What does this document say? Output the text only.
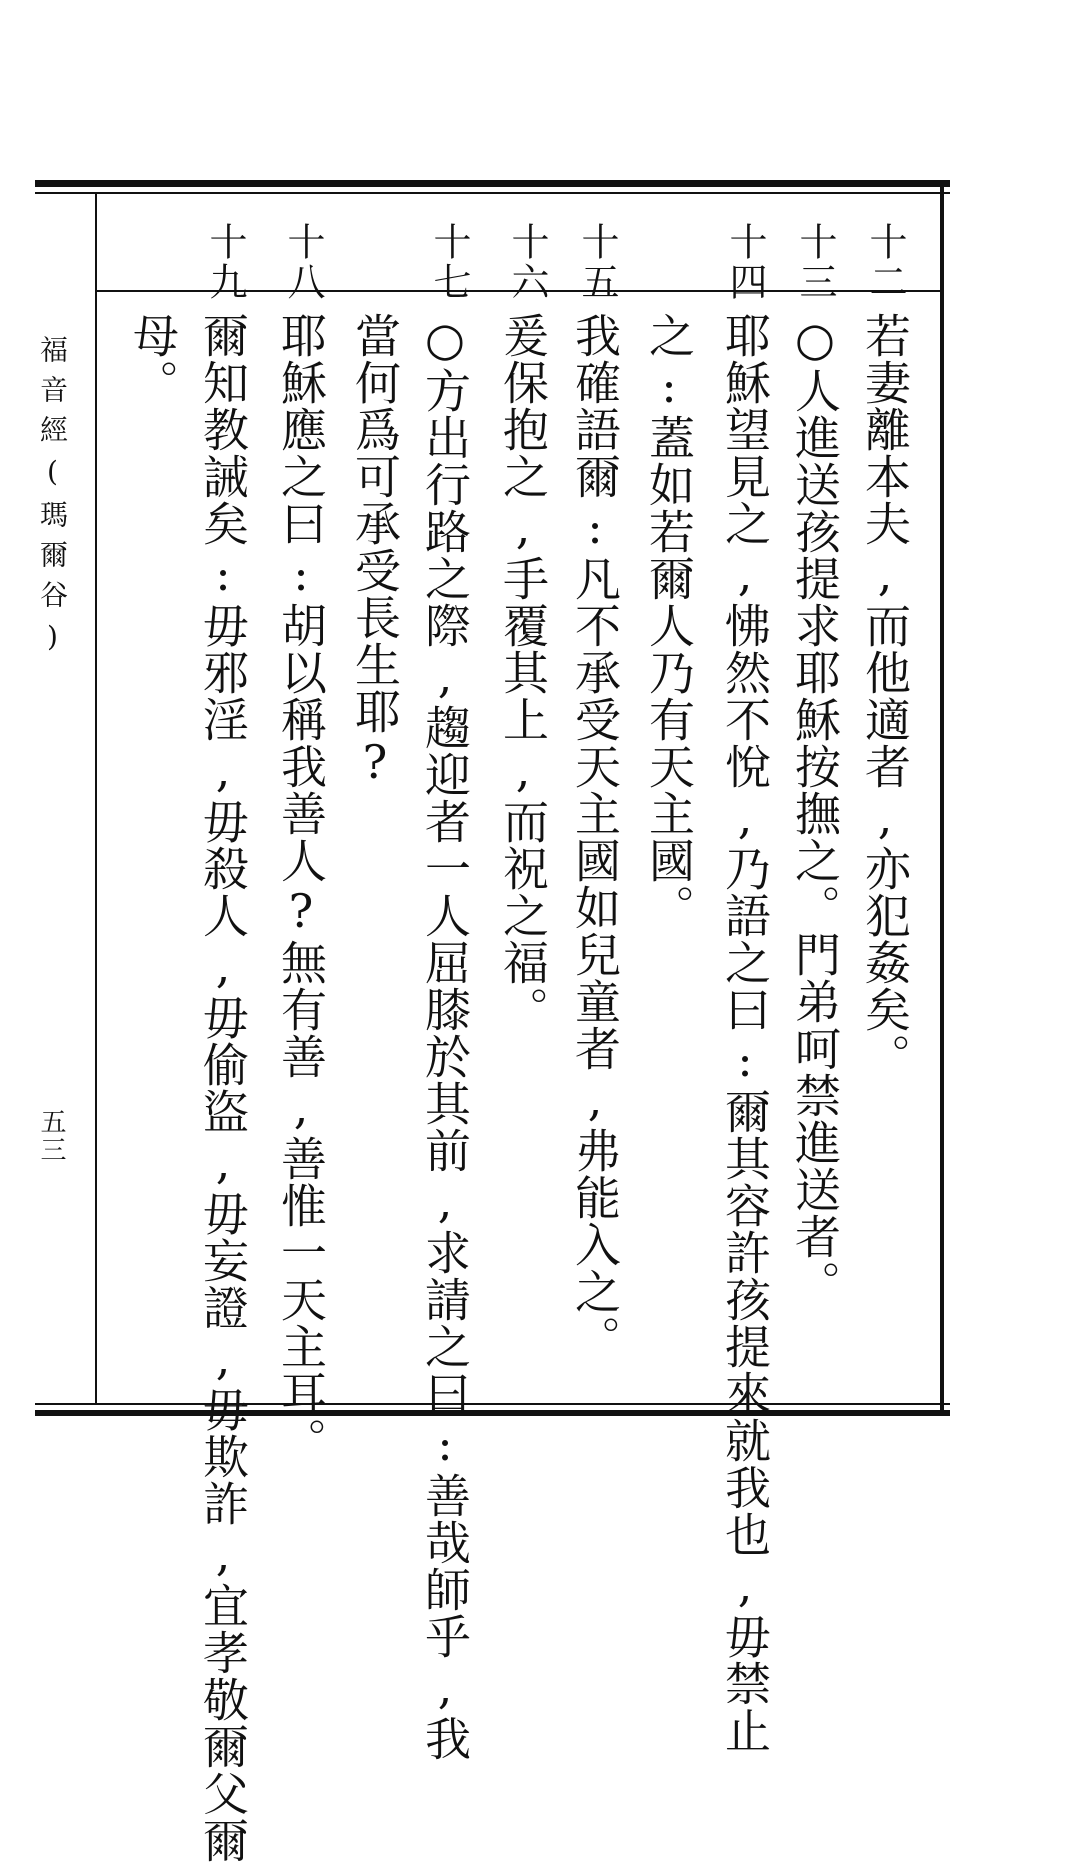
福音經(瑪爾谷)
五三
十二
十三
十四
十五
十六
十七
十八
十九
若妻離本夫,而他適者,亦犯姦矣。
○人進送孩提求耶穌按撫之。門弟呵禁進送者。
耶穌望見之,怫然不悅,乃語之曰:爾其容許孩提來就我也,毋禁止
之:蓋如若爾人乃有天主國。
我確語爾:凡不承受天主國如兒童者,弗能入之。
爰保抱之,手覆其上,而祝之福。
○方出行路之際,趨迎者一人屈膝於其前,求請之曰:善哉師乎,我
當何爲可承受長生耶?
耶穌應之曰:胡以稱我善人?無有善,善惟一天主耳。
爾知教誡矣:毋邪淫,毋殺人,毋偷盜,毋妄證,毋欺詐,宜孝敬爾父爾
母。
